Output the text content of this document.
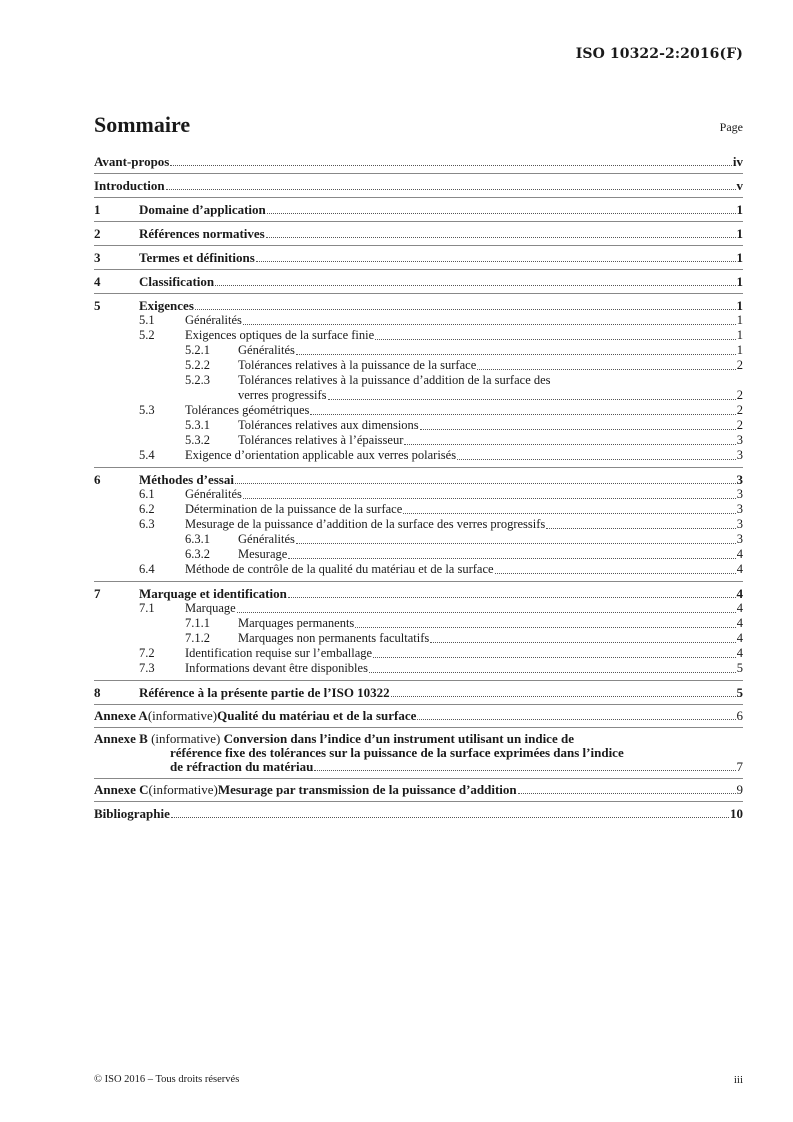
ISO 10322-2:2016(F)
Sommaire	Page
Avant-propos	iv
Introduction	v
1	Domaine d’application	1
2	Références normatives	1
3	Termes et définitions	1
4	Classification	1
5	Exigences	1
5.1	Généralités	1
5.2	Exigences optiques de la surface finie	1
5.2.1	Généralités	1
5.2.2	Tolérances relatives à la puissance de la surface	2
5.2.3 Tolérances relatives à la puissance d’addition de la surface des
verres progressifs	2
5.3	Tolérances géométriques	2
5.3.1	Tolérances relatives aux dimensions	2
5.3.2	Tolérances relatives à l’épaisseur	3
5.4	Exigence d’orientation applicable aux verres polarisés	3
6	Méthodes d’essai	3
6.1	Généralités	3
6.2	Détermination de la puissance de la surface	3
6.3	Mesurage de la puissance d’addition de la surface des verres progressifs	3
6.3.1	Généralités	3
6.3.2	Mesurage	4
6.4	Méthode de contrôle de la qualité du matériau et de la surface	4
7	Marquage et identification	4
7.1	Marquage	4
7.1.1	Marquages permanents	4
7.1.2	Marquages non permanents facultatifs	4
7.2	Identification requise sur l’emballage	4
7.3	Informations devant être disponibles	5
8	Référence à la présente partie de l’ISO 10322	5
Annexe A (informative) Qualité du matériau et de la surface	6
Annexe B (informative) Conversion dans l’indice d’un instrument utilisant un indice de
référence fixe des tolérances sur la puissance de la surface exprimées dans l’indice
de réfraction du matériau	7
Annexe C (informative) Mesurage par transmission de la puissance d’addition	9
Bibliographie	10
© ISO 2016 – Tous droits réservés	iii
